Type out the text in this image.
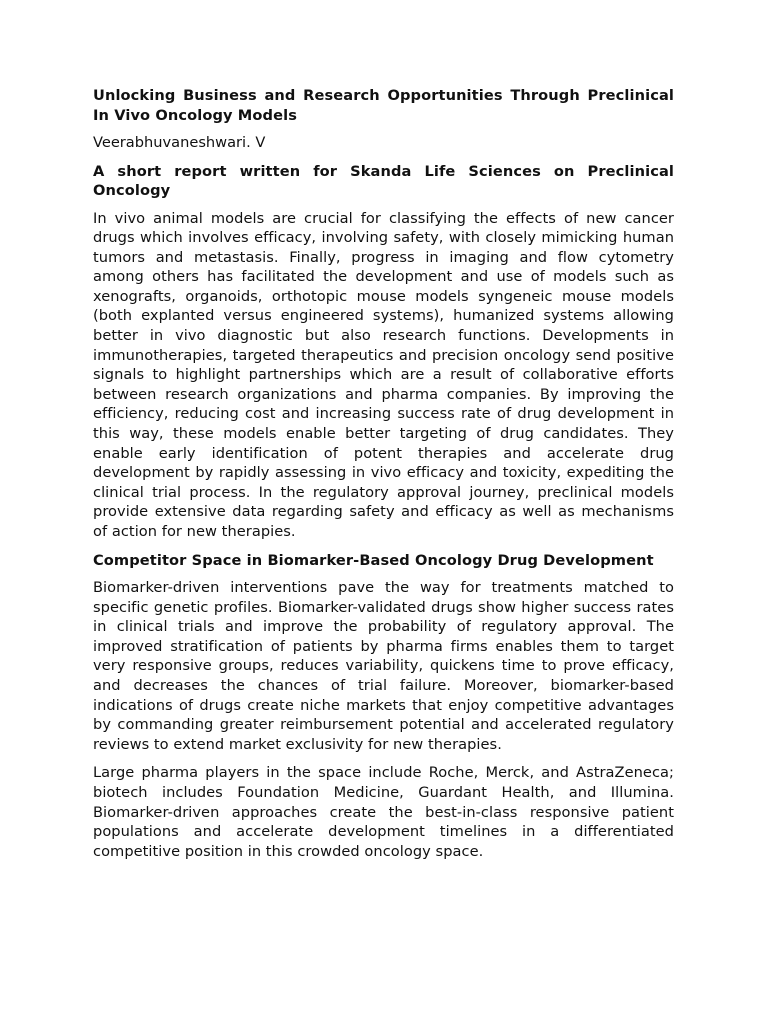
Unlocking Business and Research Opportunities Through Preclinical In Vivo Oncology Models
Veerabhuvaneshwari. V
A short report written for Skanda Life Sciences on Preclinical Oncology
In vivo animal models are crucial for classifying the effects of new cancer drugs which involves efficacy, involving safety, with closely mimicking human tumors and metastasis. Finally, progress in imaging and flow cytometry among others has facilitated the development and use of models such as xenografts, organoids, orthotopic mouse models syngeneic mouse models (both explanted versus engineered systems), humanized systems allowing better in vivo diagnostic but also research functions. Developments in immunotherapies, targeted therapeutics and precision oncology send positive signals to highlight partnerships which are a result of collaborative efforts between research organizations and pharma companies. By improving the efficiency, reducing cost and increasing success rate of drug development in this way, these models enable better targeting of drug candidates. They enable early identification of potent therapies and accelerate drug development by rapidly assessing in vivo efficacy and toxicity, expediting the clinical trial process. In the regulatory approval journey, preclinical models provide extensive data regarding safety and efficacy as well as mechanisms of action for new therapies.
Competitor Space in Biomarker-Based Oncology Drug Development
Biomarker-driven interventions pave the way for treatments matched to specific genetic profiles. Biomarker-validated drugs show higher success rates in clinical trials and improve the probability of regulatory approval. The improved stratification of patients by pharma firms enables them to target very responsive groups, reduces variability, quickens time to prove efficacy, and decreases the chances of trial failure. Moreover, biomarker-based indications of drugs create niche markets that enjoy competitive advantages by commanding greater reimbursement potential and accelerated regulatory reviews to extend market exclusivity for new therapies.
Large pharma players in the space include Roche, Merck, and AstraZeneca; biotech includes Foundation Medicine, Guardant Health, and Illumina. Biomarker-driven approaches create the best-in-class responsive patient populations and accelerate development timelines in a differentiated competitive position in this crowded oncology space.
